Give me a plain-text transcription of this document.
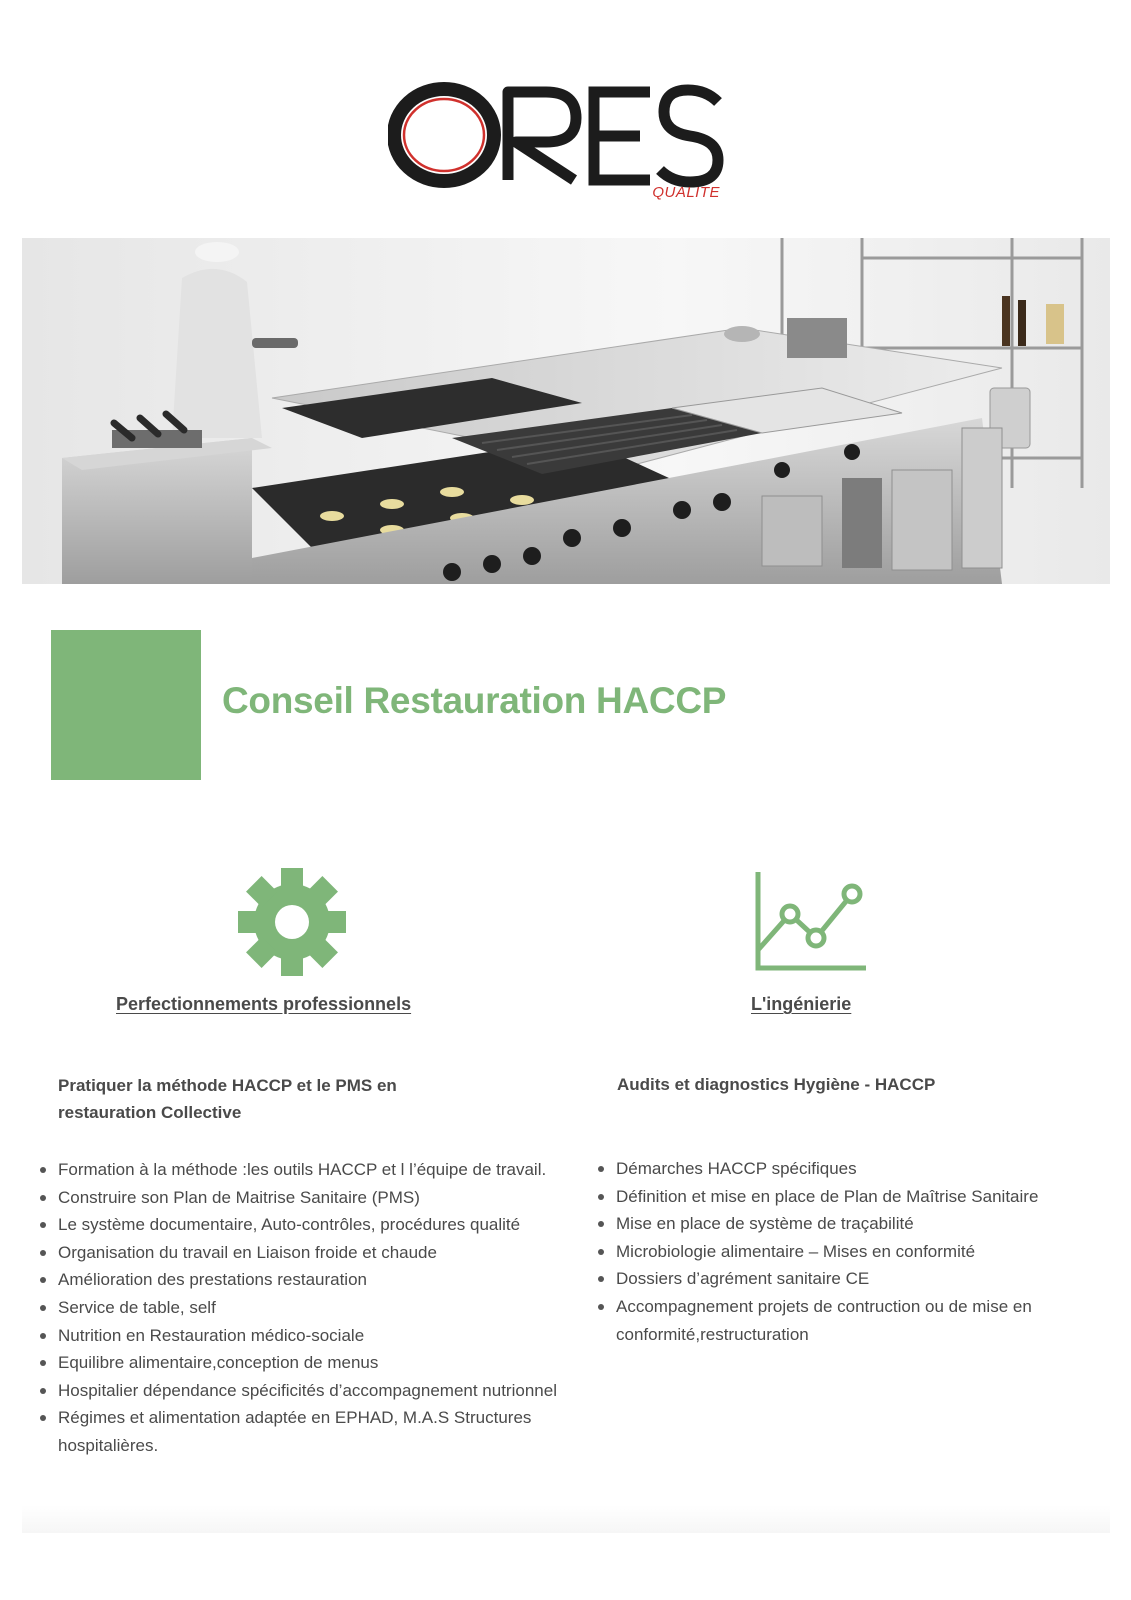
QUALITE
Conseil Restauration HACCP
Perfectionnements professionnels
Pratiquer la méthode HACCP et le PMS en restauration Collective
Formation à la méthode :les outils HACCP et l l’équipe de travail.
Construire son Plan de Maitrise Sanitaire (PMS)
Le système documentaire, Auto-contrôles, procédures qualité
Organisation du travail en Liaison froide et chaude
Amélioration des prestations restauration
Service de table, self
Nutrition en Restauration médico-sociale
Equilibre alimentaire,conception de menus
Hospitalier dépendance spécificités d’accompagnement nutrionnel
Régimes et alimentation adaptée en EPHAD, M.A.S Structures hospitalières.
L'ingénierie
Audits et diagnostics Hygiène - HACCP
Démarches HACCP spécifiques
Définition et mise en place de Plan de Maîtrise Sanitaire
Mise en place de système de traçabilité
Microbiologie alimentaire – Mises en conformité
Dossiers d’agrément sanitaire CE
Accompagnement projets de contruction ou de mise en conformité,restructuration
